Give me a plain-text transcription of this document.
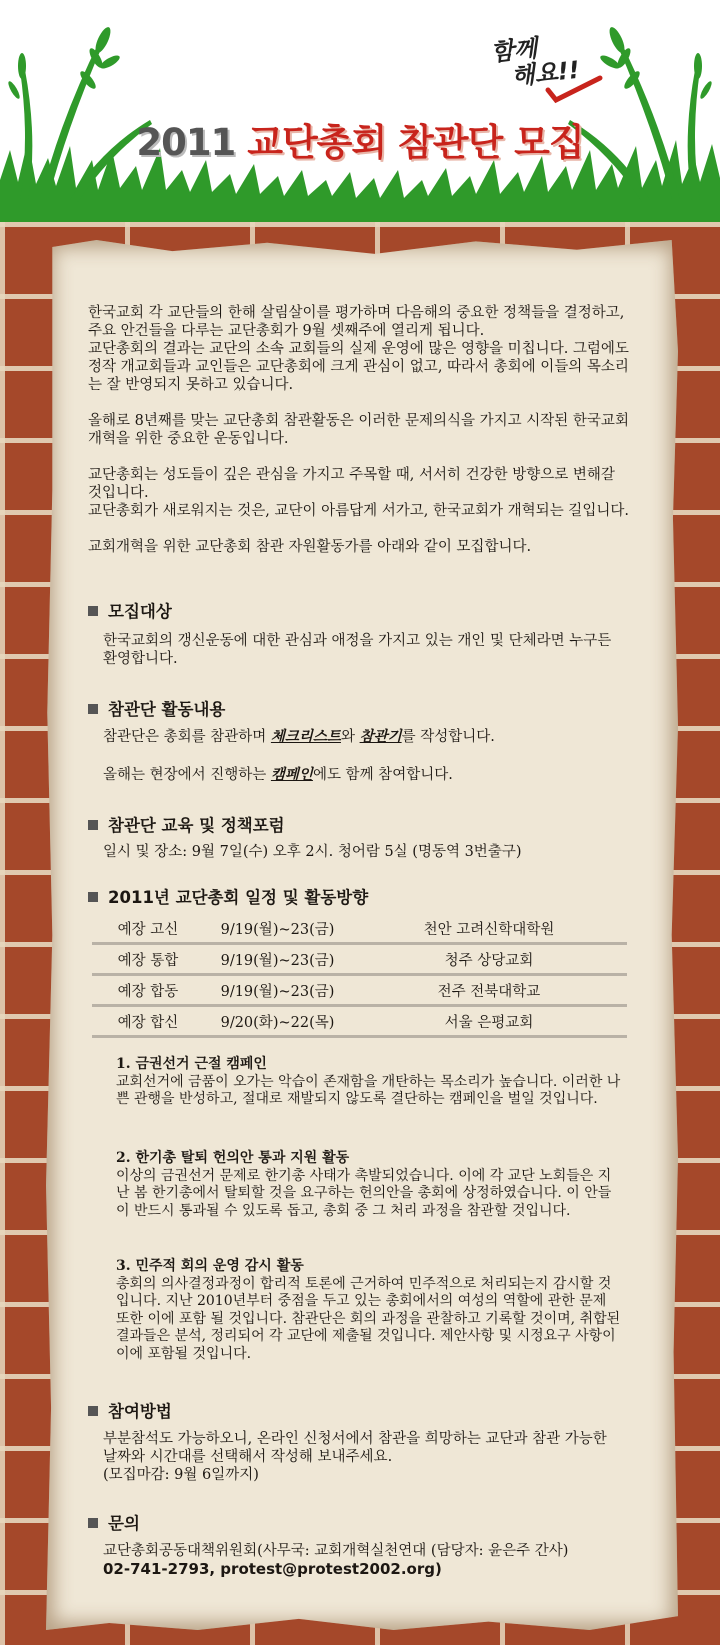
함께
해요!!
2011 교단총회 참관단 모집

한국교회 각 교단들의 한해 살림살이를 평가하며 다음해의 중요한 정책들을 결정하고, 주요 안건들을 다루는 교단총회가 9월 셋째주에 열리게 됩니다.

교단총회의 결과는 교단의 소속 교회들의 실제 운영에 많은 영향을 미칩니다. 그럼에도 정작 개교회들과 교인들은 교단총회에 크게 관심이 없고, 따라서 총회에 이들의 목소리는 잘 반영되지 못하고 있습니다.

올해로 8년째를 맞는 교단총회 참관활동은 이러한 문제의식을 가지고 시작된 한국교회 개혁을 위한 중요한 운동입니다.

교단총회는 성도들이 깊은 관심을 가지고 주목할 때, 서서히 건강한 방향으로 변해갈 것입니다.

교단총회가 새로워지는 것은, 교단이 아름답게 서가고, 한국교회가 개혁되는 길입니다.

교회개혁을 위한 교단총회 참관 자원활동가를 아래와 같이 모집합니다.

모집대상
한국교회의 갱신운동에 대한 관심과 애정을 가지고 있는 개인 및 단체라면 누구든 환영합니다.
참관단 활동내용
참관단은 총회를 참관하며 체크리스트와 참관기를 작성합니다.
올해는 현장에서 진행하는 캠페인에도 함께 참여합니다.
참관단 교육 및 정책포럼
일시 및 장소: 9월 7일(수) 오후 2시. 청어람 5실 (명동역 3번출구)
2011년 교단총회 일정 및 활동방향
예장 고신	9/19(월)~23(금)	천안 고려신학대학원
예장 통합	9/19(월)~23(금)	청주 상당교회
예장 합동	9/19(월)~23(금)	전주 전북대학교
예장 합신	9/20(화)~22(목)	서울 은평교회
1. 금권선거 근절 캠페인
교회선거에 금품이 오가는 악습이 존재함을 개탄하는 목소리가 높습니다. 이러한 나쁜 관행을 반성하고, 절대로 재발되지 않도록 결단하는 캠페인을 벌일 것입니다.
2. 한기총 탈퇴 헌의안 통과 지원 활동
이상의 금권선거 문제로 한기총 사태가 촉발되었습니다. 이에 각 교단 노회들은 지난 봄 한기총에서 탈퇴할 것을 요구하는 헌의안을 총회에 상정하였습니다. 이 안들이 반드시 통과될 수 있도록 돕고, 총회 중 그 처리 과정을 참관할 것입니다.
3. 민주적 회의 운영 감시 활동
총회의 의사결정과정이 합리적 토론에 근거하여 민주적으로 처리되는지 감시할 것입니다. 지난 2010년부터 중점을 두고 있는 총회에서의 여성의 역할에 관한 문제 또한 이에 포함 될 것입니다. 참관단은 회의 과정을 관찰하고 기록할 것이며, 취합된 결과들은 분석, 정리되어 각 교단에 제출될 것입니다. 제안사항 및 시정요구 사항이 이에 포함될 것입니다.
참여방법
부분참석도 가능하오니, 온라인 신청서에서 참관을 희망하는 교단과 참관 가능한 날짜와 시간대를 선택해서 작성해 보내주세요.
(모집마감: 9월 6일까지)
문의
교단총회공동대책위원회(사무국: 교회개혁실천연대 (담당자: 윤은주 간사)
02-741-2793, protest@protest2002.org)
